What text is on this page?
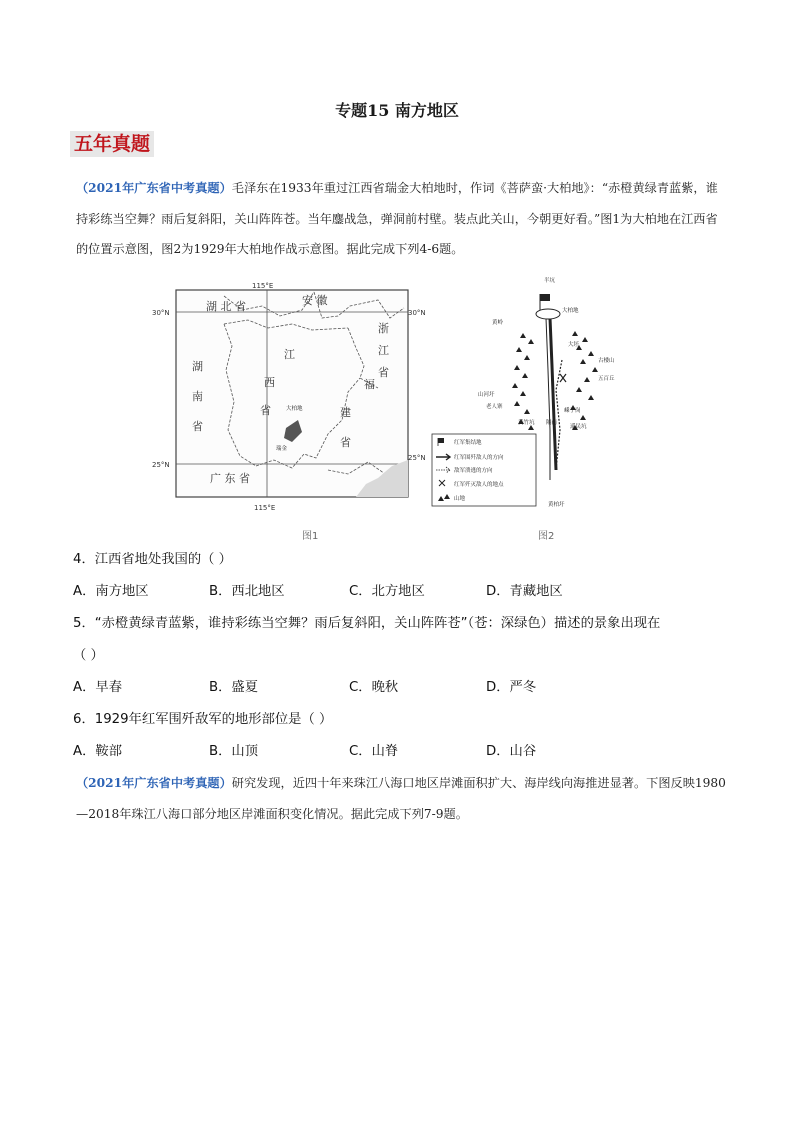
专题15 南方地区
五年真题
（2021年广东省中考真题）毛泽东在1933年重过江西省瑞金大柏地时，作词《菩萨蛮·大柏地》：“赤橙黄绿青蓝紫，谁持彩练当空舞？雨后复斜阳，关山阵阵苍。当年鏖战急，弹洞前村壁。装点此关山，今朝更好看。”图1为大柏地在江西省的位置示意图，图2为1929年大柏地作战示意图。据此完成下列4-6题。
115°E
30°N
25°N
30°N
25°N
115°E
湖 北 省	安 徽
浙
江
省
湖
南
省
江
西
省
福
建
省
广 东 省
大柏地
瑞金
半坑
大柏地
黄岭
大坯
古楼山
五百丘
山河圩
老人寨
黄竹坑
嵊子岗
隔前
遥民坑
黄柏圩
红军集结地
红军围歼敌人的方向
敌军溃逃的方向
红军歼灭敌人的地点
山地
图1	图2
4．江西省地处我国的（ ）
A．南方地区	B．西北地区	C．北方地区	D．青藏地区
5．“赤橙黄绿青蓝紫，谁持彩练当空舞？雨后复斜阳，关山阵阵苍”（苍：深绿色）描述的景象出现在
（ ）
A．早春	B．盛夏	C．晚秋	D．严冬
6．1929年红军围歼敌军的地形部位是（ ）
A．鞍部	B．山顶	C．山脊	D．山谷
（2021年广东省中考真题）研究发现，近四十年来珠江八海口地区岸滩面积扩大、海岸线向海推进显著。下图反映1980—2018年珠江八海口部分地区岸滩面积变化情况。据此完成下列7-9题。
